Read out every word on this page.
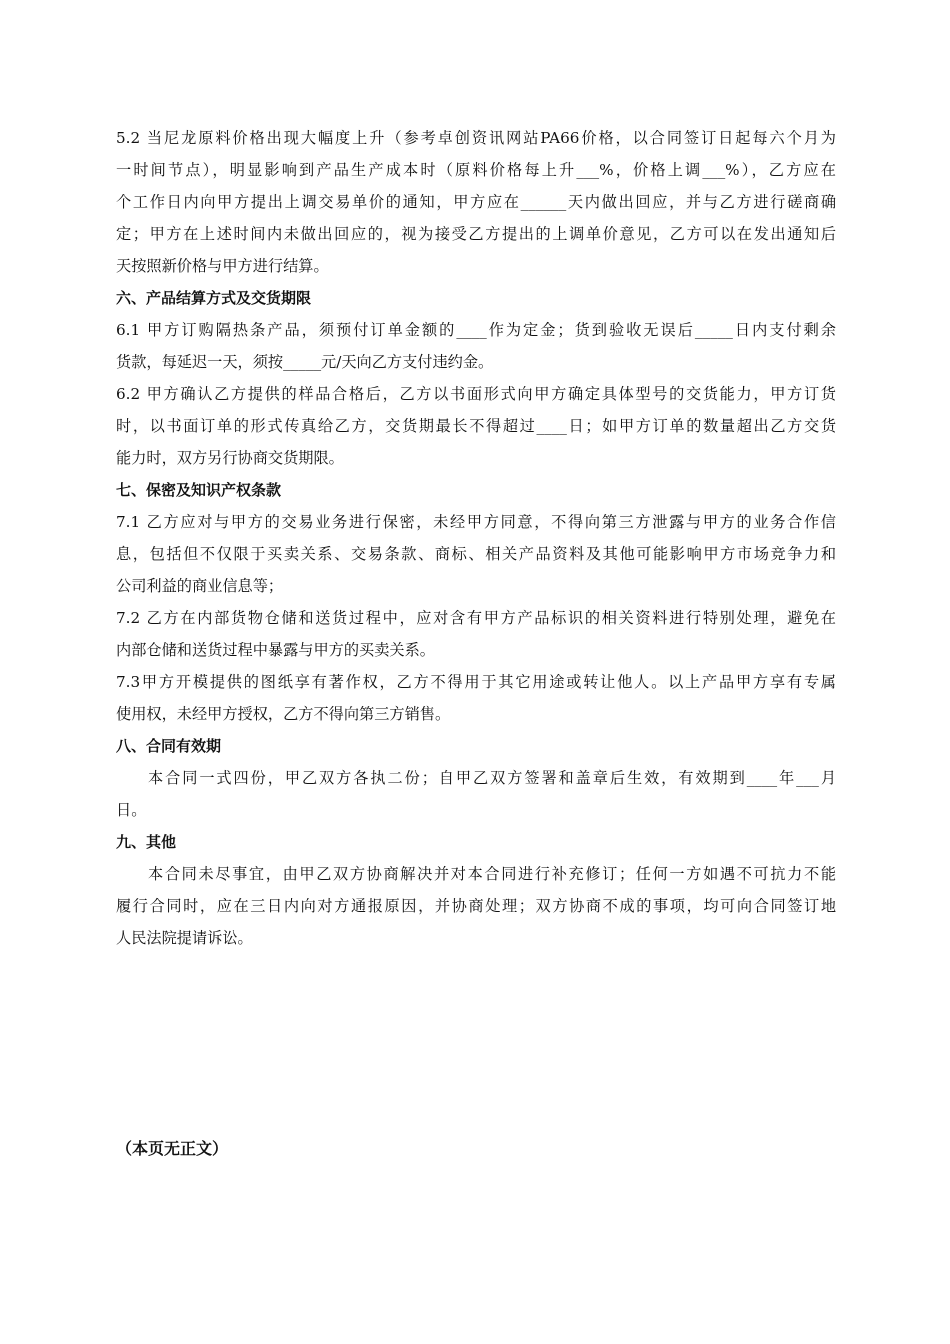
5.2 当尼龙原料价格出现大幅度上升（参考卓创资讯网站PA66价格，以合同签订日起每六个月为
一时间节点），明显影响到产品生产成本时（原料价格每上升___%，价格上调___%），乙方应在
个工作日内向甲方提出上调交易单价的通知，甲方应在______天内做出回应，并与乙方进行磋商确
定；甲方在上述时间内未做出回应的，视为接受乙方提出的上调单价意见，乙方可以在发出通知后
天按照新价格与甲方进行结算。
六、产品结算方式及交货期限
6.1 甲方订购隔热条产品，须预付订单金额的____作为定金；货到验收无误后_____日内支付剩余
货款，每延迟一天，须按_____元/天向乙方支付违约金。
6.2 甲方确认乙方提供的样品合格后，乙方以书面形式向甲方确定具体型号的交货能力，甲方订货
时，以书面订单的形式传真给乙方，交货期最长不得超过____日；如甲方订单的数量超出乙方交货
能力时，双方另行协商交货期限。
七、保密及知识产权条款
7.1 乙方应对与甲方的交易业务进行保密，未经甲方同意，不得向第三方泄露与甲方的业务合作信
息，包括但不仅限于买卖关系、交易条款、商标、相关产品资料及其他可能影响甲方市场竞争力和
公司利益的商业信息等；
7.2 乙方在内部货物仓储和送货过程中，应对含有甲方产品标识的相关资料进行特别处理，避免在
内部仓储和送货过程中暴露与甲方的买卖关系。
7.3甲方开模提供的图纸享有著作权，乙方不得用于其它用途或转让他人。以上产品甲方享有专属
使用权，未经甲方授权，乙方不得向第三方销售。
八、合同有效期
本合同一式四份，甲乙双方各执二份；自甲乙双方签署和盖章后生效，有效期到____年___月
日。
九、其他
本合同未尽事宜，由甲乙双方协商解决并对本合同进行补充修订；任何一方如遇不可抗力不能
履行合同时，应在三日内向对方通报原因，并协商处理；双方协商不成的事项，均可向合同签订地
人民法院提请诉讼。
（本页无正文）
